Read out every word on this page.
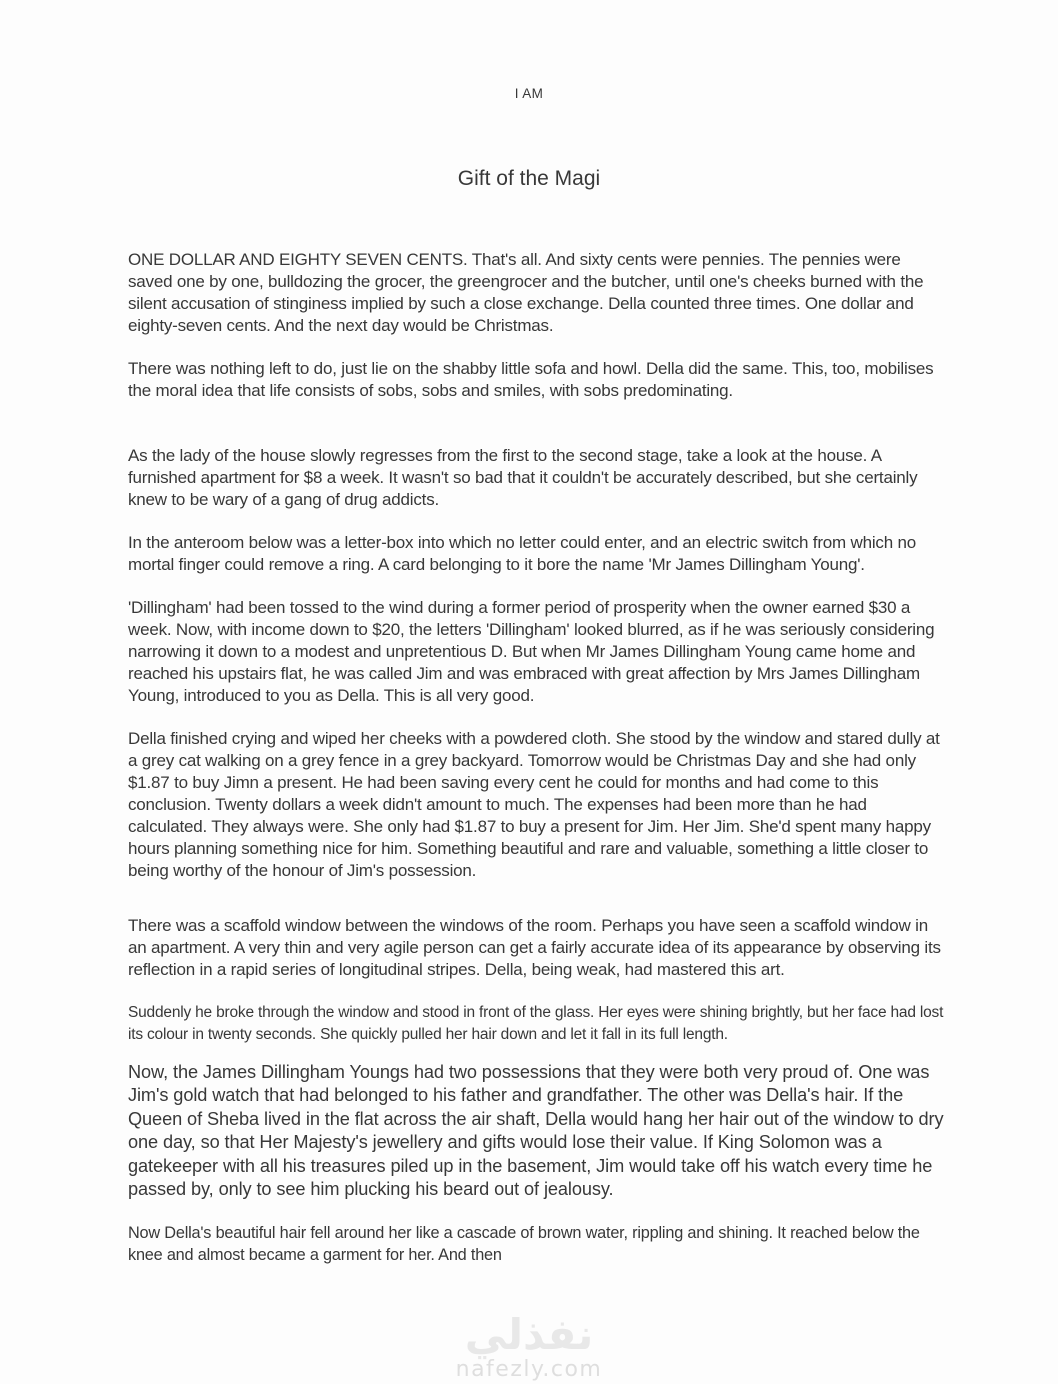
I AM
Gift of the Magi

ONE DOLLAR AND EIGHTY SEVEN CENTS. That's all. And sixty cents were pennies. The pennies were saved one by one, bulldozing the grocer, the greengrocer and the butcher, until one's cheeks burned with the silent accusation of stinginess implied by such a close exchange. Della counted three times. One dollar and eighty-seven cents. And the next day would be Christmas.

There was nothing left to do, just lie on the shabby little sofa and howl. Della did the same. This, too, mobilises the moral idea that life consists of sobs, sobs and smiles, with sobs predominating.

As the lady of the house slowly regresses from the first to the second stage, take a look at the house. A furnished apartment for $8 a week. It wasn't so bad that it couldn't be accurately described, but she certainly knew to be wary of a gang of drug addicts.

In the anteroom below was a letter-box into which no letter could enter, and an electric switch from which no mortal finger could remove a ring. A card belonging to it bore the name 'Mr James Dillingham Young'.

'Dillingham' had been tossed to the wind during a former period of prosperity when the owner earned $30 a week. Now, with income down to $20, the letters 'Dillingham' looked blurred, as if he was seriously considering narrowing it down to a modest and unpretentious D. But when Mr James Dillingham Young came home and reached his upstairs flat, he was called Jim and was embraced with great affection by Mrs James Dillingham Young, introduced to you as Della. This is all very good.

Della finished crying and wiped her cheeks with a powdered cloth. She stood by the window and stared dully at a grey cat walking on a grey fence in a grey backyard. Tomorrow would be Christmas Day and she had only $1.87 to buy Jimn a present. He had been saving every cent he could for months and had come to this conclusion. Twenty dollars a week didn't amount to much. The expenses had been more than he had calculated. They always were. She only had $1.87 to buy a present for Jim. Her Jim. She'd spent many happy hours planning something nice for him. Something beautiful and rare and valuable, something a little closer to being worthy of the honour of Jim's possession.

There was a scaffold window between the windows of the room. Perhaps you have seen a scaffold window in an apartment. A very thin and very agile person can get a fairly accurate idea of its appearance by observing its reflection in a rapid series of longitudinal stripes. Della, being weak, had mastered this art.

Suddenly he broke through the window and stood in front of the glass. Her eyes were shining brightly, but her face had lost its colour in twenty seconds. She quickly pulled her hair down and let it fall in its full length.

Now, the James Dillingham Youngs had two possessions that they were both very proud of. One was Jim's gold watch that had belonged to his father and grandfather. The other was Della's hair. If the Queen of Sheba lived in the flat across the air shaft, Della would hang her hair out of the window to dry one day, so that Her Majesty's jewellery and gifts would lose their value. If King Solomon was a gatekeeper with all his treasures piled up in the basement, Jim would take off his watch every time he passed by, only to see him plucking his beard out of jealousy.

Now Della's beautiful hair fell around her like a cascade of brown water, rippling and shining. It reached below the knee and almost became a garment for her. And then

نفذلي
nafezly.com
